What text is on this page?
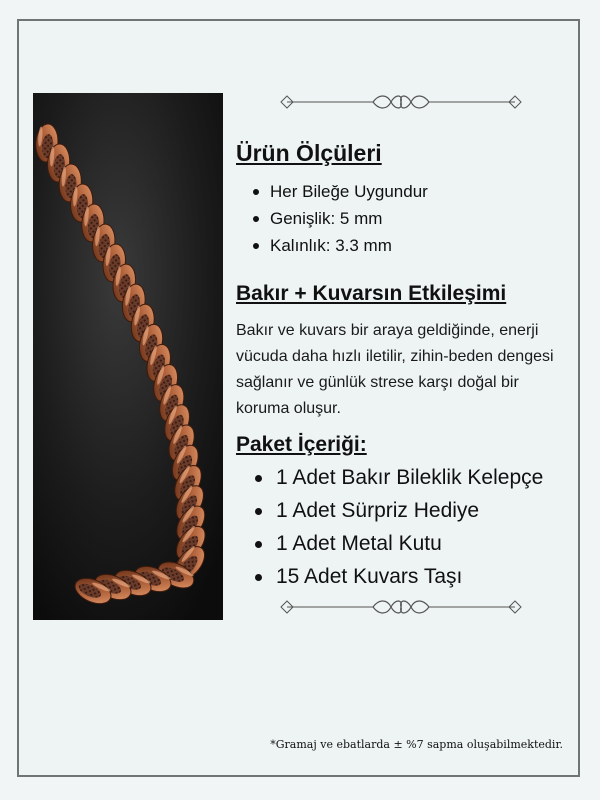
Ürün Ölçüleri
Her Bileğe Uygundur
Genişlik: 5 mm
Kalınlık: 3.3 mm
Bakır + Kuvarsın Etkileşimi

Bakır ve kuvars bir araya geldiğinde, enerji vücuda daha hızlı iletilir, zihin-beden dengesi sağlanır ve günlük strese karşı doğal bir koruma oluşur.

Paket İçeriği:
1 Adet Bakır Bileklik Kelepçe
1 Adet Sürpriz Hediye
1 Adet Metal Kutu
15 Adet Kuvars Taşı
*Gramaj ve ebatlarda ± %7 sapma oluşabilmektedir.
